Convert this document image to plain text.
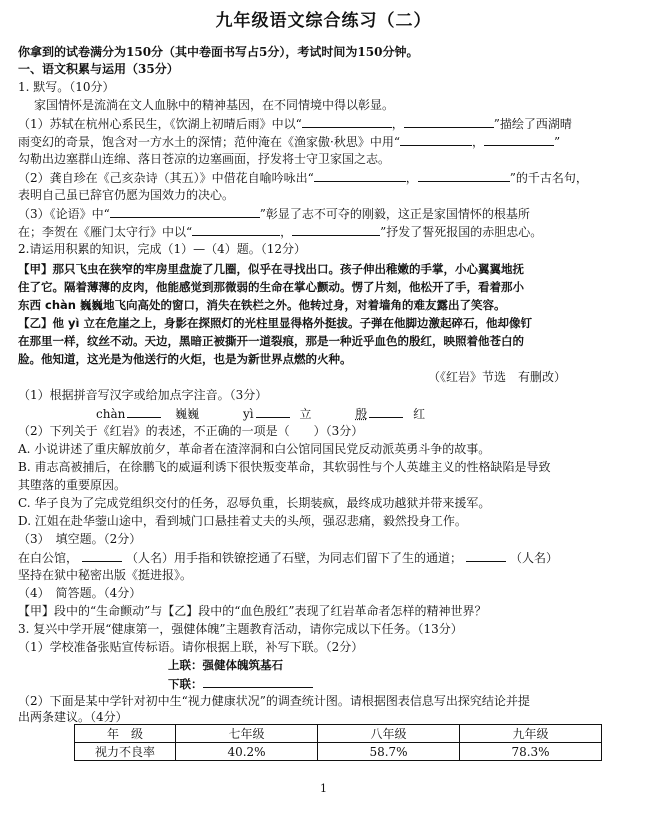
九年级语文综合练习（二）
你拿到的试卷满分为150分（其中卷面书写占5分），考试时间为150分钟。
一、语文积累与运用（35分）
1. 默写。（10分）
家国情怀是流淌在文人血脉中的精神基因，在不同情境中得以彰显。
（1）苏轼在杭州心系民生，《饮湖上初晴后雨》中以“	，	”描绘了西湖晴
雨变幻的奇景，饱含对一方水土的深情；范仲淹在《渔家傲·秋思》中用“	，	”
勾勒出边塞群山连绵、落日苍凉的边塞画面，抒发将士守卫家国之志。
（2）龚自珍在《己亥杂诗（其五）》中借花自喻吟咏出“	，	”的千古名句，
表明自己虽已辞官仍愿为国效力的决心。
（3）《论语》中“	”彰显了志不可夺的刚毅，这正是家国情怀的根基所
在；李贺在《雁门太守行》中以“	，	”抒发了誓死报国的赤胆忠心。
2.请运用积累的知识，完成（1）—（4）题。（12分）
【甲】那只飞虫在狭窄的牢房里盘旋了几圈，似乎在寻找出口。孩子伸出稚嫩的手掌，小心翼翼地抚
住了它。隔着薄薄的皮肉，他能感觉到那微弱的生命在掌心颤动。愣了片刻，他松开了手，看着那小
东西 chàn 巍巍地飞向高处的窗口，消失在铁栏之外。他转过身，对着墙角的难友露出了笑容。
【乙】他 yì 立在危崖之上，身影在探照灯的光柱里显得格外挺拔。子弹在他脚边激起碎石，他却像钉
在那里一样，纹丝不动。天边，黑暗正被撕开一道裂痕，那是一种近乎血色的殷红，映照着他苍白的
脸。他知道，这光是为他送行的火炬，也是为新世界点燃的火种。
（《红岩》节选　有删改）
（1）根据拼音写汉字或给加点字注音。（3分）
chàn	巍巍	yì	立	殷	红
（2）下列关于《红岩》的表述，不正确的一项是（　　）（3分）
A. 小说讲述了重庆解放前夕，革命者在渣滓洞和白公馆同国民党反动派英勇斗争的故事。
B. 甫志高被捕后，在徐鹏飞的威逼利诱下很快叛变革命，其软弱性与个人英雄主义的性格缺陷是导致
其堕落的重要原因。
C. 华子良为了完成党组织交付的任务，忍辱负重，长期装疯，最终成功越狱并带来援军。
D. 江姐在赴华蓥山途中，看到城门口悬挂着丈夫的头颅，强忍悲痛，毅然投身工作。
（3）　填空题。（2分）
在白公馆，	（人名）用手指和铁镣挖通了石壁，为同志们留下了生的通道；	（人名）
坚持在狱中秘密出版《挺进报》。
（4）　简答题。（4分）
【甲】段中的“生命颤动”与【乙】段中的“血色殷红”表现了红岩革命者怎样的精神世界？
3. 复兴中学开展“健康第一，强健体魄”主题教育活动，请你完成以下任务。（13分）
（1）学校准备张贴宣传标语。请你根据上联，补写下联。（2分）
上联：强健体魄筑基石
下联：
（2）下面是某中学针对初中生“视力健康状况”的调查统计图。请根据图表信息写出探究结论并提
出两条建议。（4分）
年　级	七年级	八年级	九年级
视力不良率	40.2%	58.7%	78.3%
1
